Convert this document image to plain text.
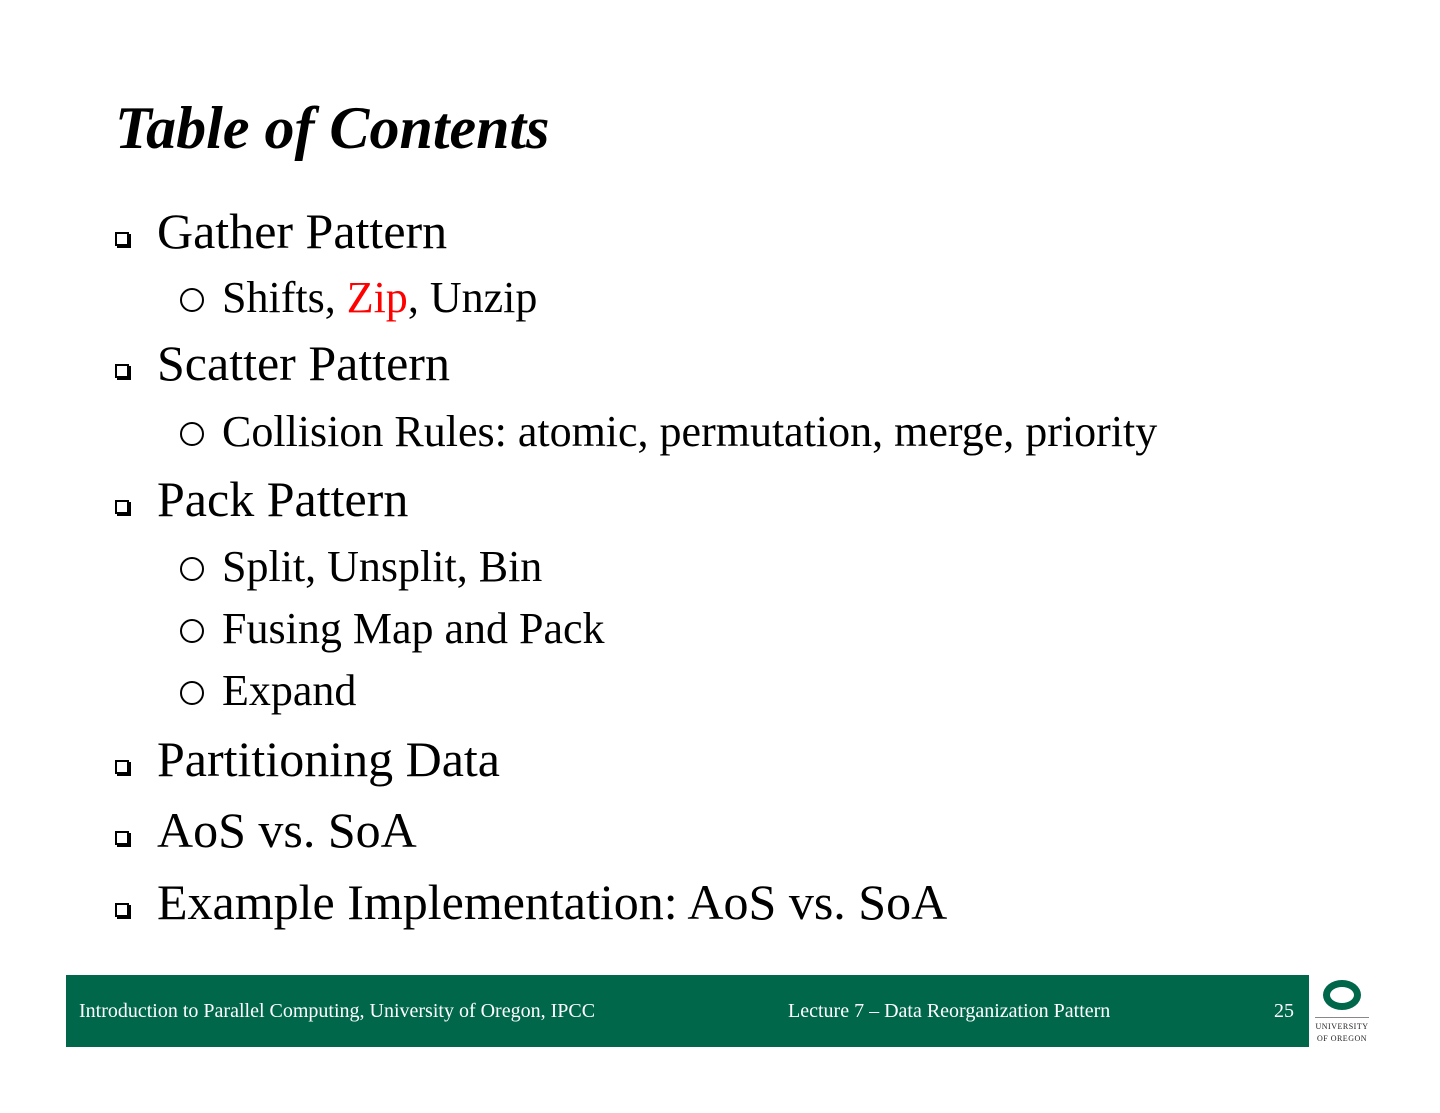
Table of Contents
Gather Pattern
Shifts, Zip, Unzip
Scatter Pattern
Collision Rules: atomic, permutation, merge, priority
Pack Pattern
Split, Unsplit, Bin
Fusing Map and Pack
Expand
Partitioning Data
AoS vs. SoA
Example Implementation: AoS vs. SoA
Introduction to Parallel Computing, University of Oregon, IPCC	Lecture 7 – Data Reorganization Pattern	25
UNIVERSITY
OF OREGON
